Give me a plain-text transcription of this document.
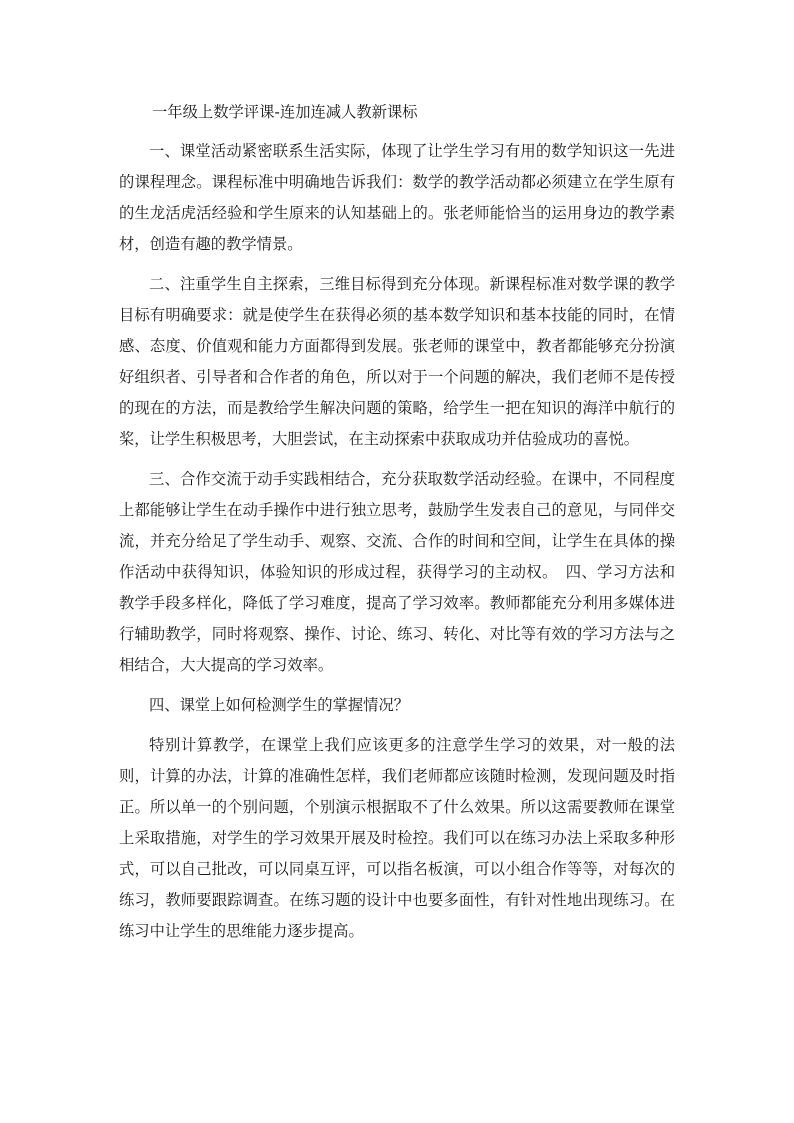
一年级上数学评课-连加连减人教新课标

一、课堂活动紧密联系生活实际，体现了让学生学习有用的数学知识这一先进的课程理念。课程标准中明确地告诉我们：数学的教学活动都必须建立在学生原有的生龙活虎活经验和学生原来的认知基础上的。张老师能恰当的运用身边的教学素材，创造有趣的教学情景。

二、注重学生自主探索，三维目标得到充分体现。新课程标准对数学课的教学目标有明确要求：就是使学生在获得必须的基本数学知识和基本技能的同时，在情感、态度、价值观和能力方面都得到发展。张老师的课堂中，教者都能够充分扮演好组织者、引导者和合作者的角色，所以对于一个问题的解决，我们老师不是传授的现在的方法，而是教给学生解决问题的策略，给学生一把在知识的海洋中航行的桨，让学生积极思考，大胆尝试，在主动探索中获取成功并估验成功的喜悦。

三、合作交流于动手实践相结合，充分获取数学活动经验。在课中，不同程度上都能够让学生在动手操作中进行独立思考，鼓励学生发表自己的意见，与同伴交流，并充分给足了学生动手、观察、交流、合作的时间和空间，让学生在具体的操作活动中获得知识，体验知识的形成过程，获得学习的主动权。　四、学习方法和教学手段多样化，降低了学习难度，提高了学习效率。教师都能充分利用多媒体进行辅助教学，同时将观察、操作、讨论、练习、转化、对比等有效的学习方法与之相结合，大大提高的学习效率。

四、课堂上如何检测学生的掌握情况？

特别计算教学，在课堂上我们应该更多的注意学生学习的效果，对一般的法则，计算的办法，计算的准确性怎样，我们老师都应该随时检测，发现问题及时指正。所以单一的个别问题，个别演示根据取不了什么效果。所以这需要教师在课堂上采取措施，对学生的学习效果开展及时检控。我们可以在练习办法上采取多种形式，可以自己批改，可以同桌互评，可以指名板演，可以小组合作等等，对每次的练习，教师要跟踪调查。在练习题的设计中也要多面性，有针对性地出现练习。在练习中让学生的思维能力逐步提高。
